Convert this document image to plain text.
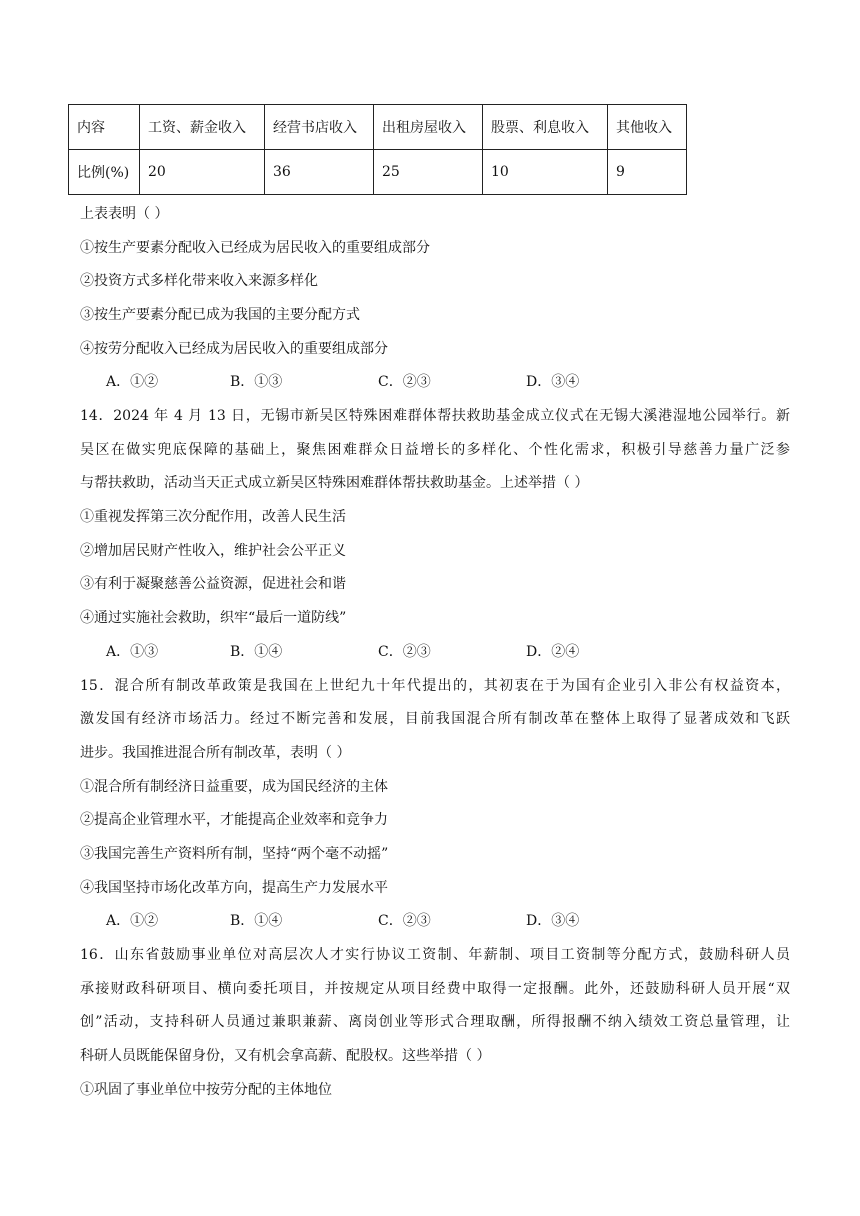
内容	工资、薪金收入	经营书店收入	出租房屋收入	股票、利息收入	其他收入
比例(%)	20	36	25	10	9
上表表明（ ）
①按生产要素分配收入已经成为居民收入的重要组成部分
②投资方式多样化带来收入来源多样化
③按生产要素分配已成为我国的主要分配方式
④按劳分配收入已经成为居民收入的重要组成部分
A．①②	B．①③	C．②③	D．③④
14．2024 年 4 月 13 日，无锡市新吴区特殊困难群体帮扶救助基金成立仪式在无锡大溪港湿地公园举行。新
吴区在做实兜底保障的基础上，聚焦困难群众日益增长的多样化、个性化需求，积极引导慈善力量广泛参
与帮扶救助，活动当天正式成立新吴区特殊困难群体帮扶救助基金。上述举措（ ）
①重视发挥第三次分配作用，改善人民生活
②增加居民财产性收入，维护社会公平正义
③有利于凝聚慈善公益资源，促进社会和谐
④通过实施社会救助，织牢“最后一道防线”
A．①③	B．①④	C．②③	D．②④
15．混合所有制改革政策是我国在上世纪九十年代提出的，其初衷在于为国有企业引入非公有权益资本，
激发国有经济市场活力。经过不断完善和发展，目前我国混合所有制改革在整体上取得了显著成效和飞跃
进步。我国推进混合所有制改革，表明（ ）
①混合所有制经济日益重要，成为国民经济的主体
②提高企业管理水平，才能提高企业效率和竞争力
③我国完善生产资料所有制，坚持“两个毫不动摇”
④我国坚持市场化改革方向，提高生产力发展水平
A．①②	B．①④	C．②③	D．③④
16．山东省鼓励事业单位对高层次人才实行协议工资制、年薪制、项目工资制等分配方式，鼓励科研人员
承接财政科研项目、横向委托项目，并按规定从项目经费中取得一定报酬。此外，还鼓励科研人员开展“双
创”活动，支持科研人员通过兼职兼薪、离岗创业等形式合理取酬，所得报酬不纳入绩效工资总量管理，让
科研人员既能保留身份，又有机会拿高薪、配股权。这些举措（ ）
①巩固了事业单位中按劳分配的主体地位
